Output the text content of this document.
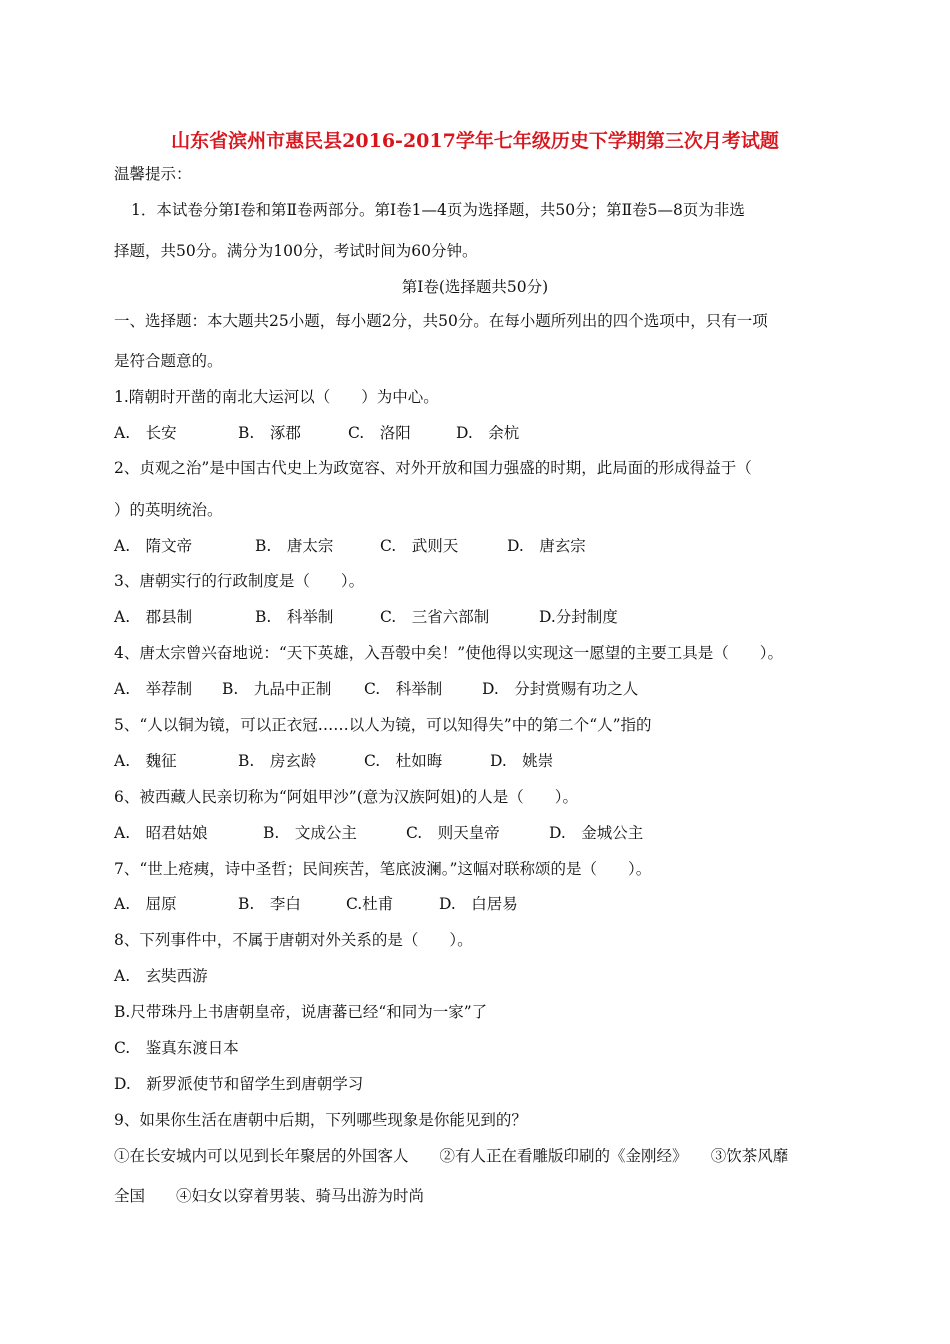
山东省滨州市惠民县2016-2017学年七年级历史下学期第三次月考试题
温馨提示：
1．本试卷分第Ⅰ卷和第Ⅱ卷两部分。第Ⅰ卷1—4页为选择题，共50分；第Ⅱ卷5—8页为非选
择题，共50分。满分为100分，考试时间为60分钟。
第Ⅰ卷(选择题共50分)
一、选择题：本大题共25小题，每小题2分，共50分。在每小题所列出的四个选项中，只有一项
是符合题意的。
1.隋朝时开凿的南北大运河以（　　）为中心。
A.　长安	B.　涿郡	C.　洛阳	D.　余杭
2、贞观之治”是中国古代史上为政宽容、对外开放和国力强盛的时期，此局面的形成得益于（
）的英明统治。
A.　隋文帝	B.　唐太宗	C.　武则天	D.　唐玄宗
3、唐朝实行的行政制度是（　　）。
A.　郡县制	B.　科举制	C.　三省六部制	D.分封制度
4、唐太宗曾兴奋地说：“天下英雄，入吾彀中矣！”使他得以实现这一愿望的主要工具是（　　）。
A.　举荐制 B.　九品中正制 C.　科举制	D.　分封赏赐有功之人
5、“人以铜为镜，可以正衣冠……以人为镜，可以知得失”中的第二个“人”指的
A.　魏征	B.　房玄龄	C.　杜如晦	D.　姚崇
6、被西藏人民亲切称为“阿姐甲沙”(意为汉族阿姐)的人是（　　）。
A.　昭君姑娘	B.　文成公主	C.　则天皇帝	D.　金城公主
7、“世上疮痍，诗中圣哲；民间疾苦，笔底波澜。”这幅对联称颂的是（　　）。
A.　屈原	B.　李白	C.杜甫	D.　白居易
8、下列事件中，不属于唐朝对外关系的是（　　）。
A.　玄奘西游
B.尺带珠丹上书唐朝皇帝，说唐蕃已经“和同为一家”了
C.　鉴真东渡日本
D.　新罗派使节和留学生到唐朝学习
9、如果你生活在唐朝中后期，下列哪些现象是你能见到的？
①在长安城内可以见到长年聚居的外国客人　　②有人正在看雕版印刷的《金刚经》　　③饮茶风靡
全国　　④妇女以穿着男装、骑马出游为时尚
